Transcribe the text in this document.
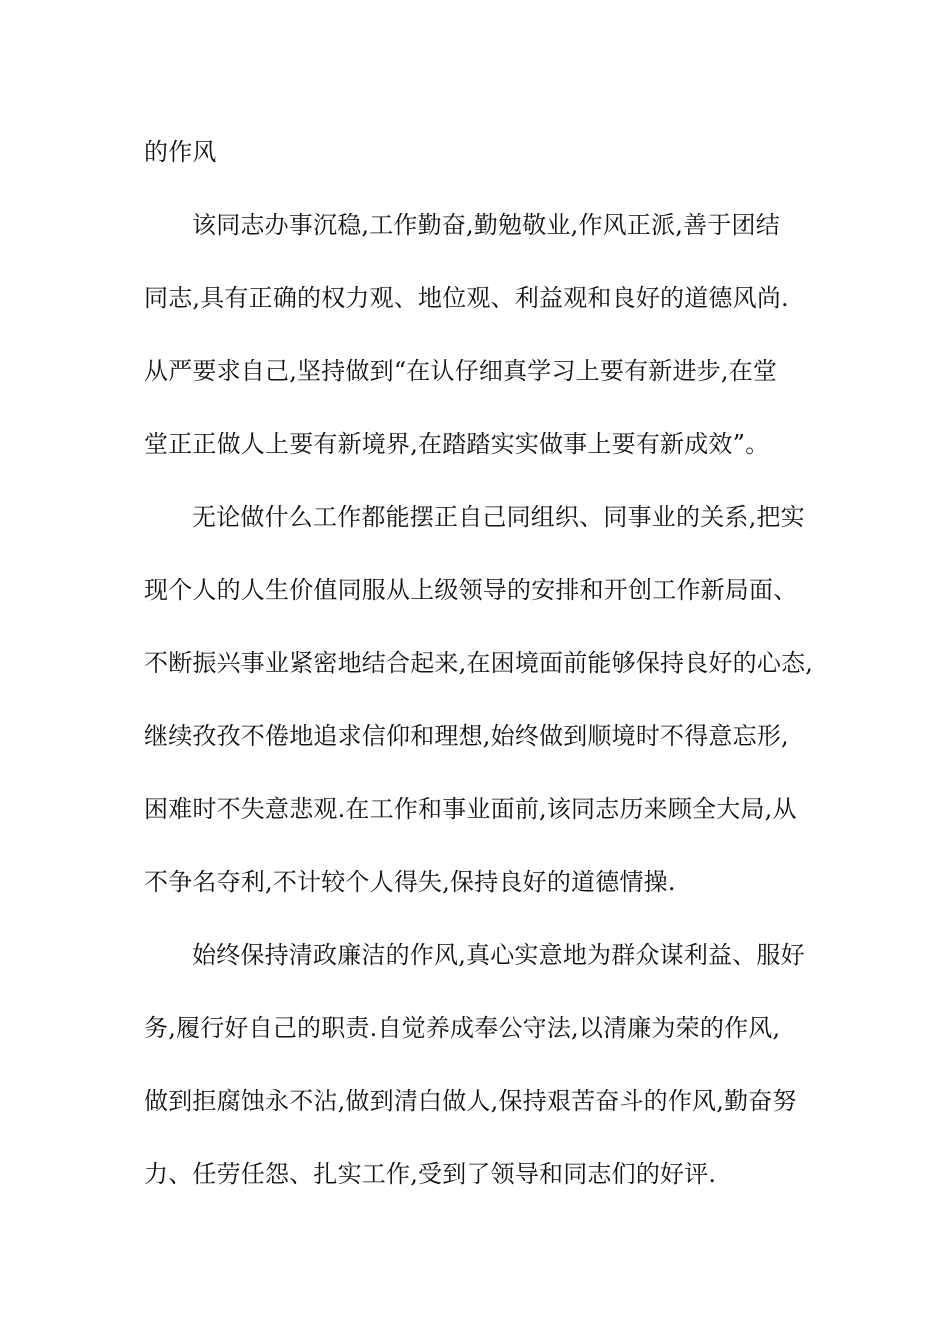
的作风
该同志办事沉稳,工作勤奋,勤勉敬业,作风正派,善于团结
同志,具有正确的权力观、地位观、利益观和良好的道德风尚.
从严要求自己,坚持做到“在认仔细真学习上要有新进步,在堂
堂正正做人上要有新境界,在踏踏实实做事上要有新成效”。
无论做什么工作都能摆正自己同组织、同事业的关系,把实
现个人的人生价值同服从上级领导的安排和开创工作新局面、
不断振兴事业紧密地结合起来,在困境面前能够保持良好的心态,
继续孜孜不倦地追求信仰和理想,始终做到顺境时不得意忘形,
困难时不失意悲观.在工作和事业面前,该同志历来顾全大局,从
不争名夺利,不计较个人得失,保持良好的道德情操.
始终保持清政廉洁的作风,真心实意地为群众谋利益、服好
务,履行好自己的职责.自觉养成奉公守法,以清廉为荣的作风,
做到拒腐蚀永不沾,做到清白做人,保持艰苦奋斗的作风,勤奋努
力、任劳任怨、扎实工作,受到了领导和同志们的好评.
